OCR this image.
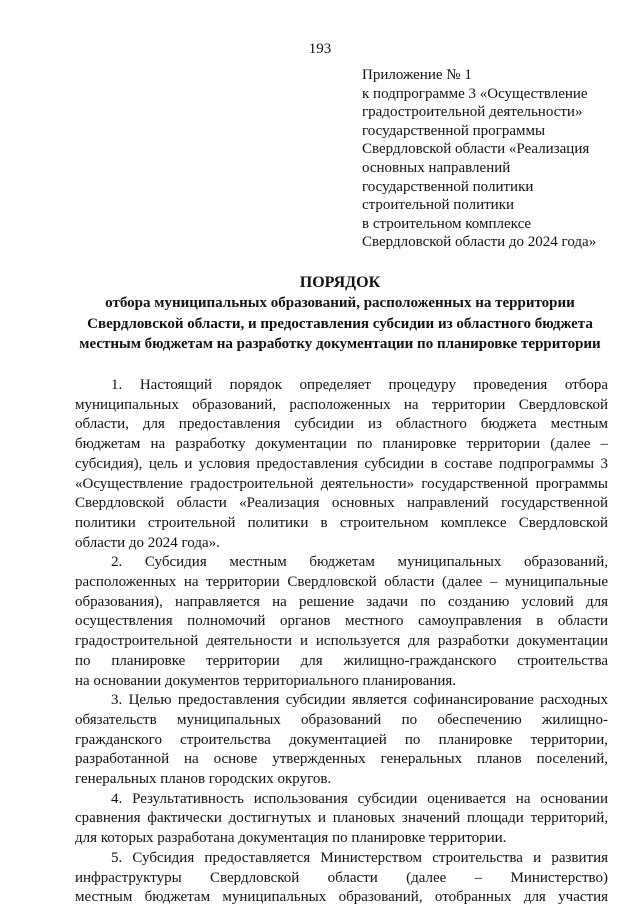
193
Приложение № 1
к подпрограмме 3 «Осуществление
градостроительной деятельности»
государственной программы
Свердловской области «Реализация
основных направлений
государственной политики
строительной политики
в строительном комплексе
Свердловской области до 2024 года»
ПОРЯДОК
отбора муниципальных образований, расположенных на территории
Свердловской области, и предоставления субсидии из областного бюджета
местным бюджетам на разработку документации по планировке территории
1. Настоящий порядок определяет процедуру проведения отбора
муниципальных образований, расположенных на территории Свердловской
области, для предоставления субсидии из областного бюджета местным
бюджетам на разработку документации по планировке территории (далее –
субсидия), цель и условия предоставления субсидии в составе подпрограммы 3
«Осуществление градостроительной деятельности» государственной программы
Свердловской области «Реализация основных направлений государственной
политики строительной политики в строительном комплексе Свердловской
области до 2024 года».
2. Субсидия местным бюджетам муниципальных образований,
расположенных на территории Свердловской области (далее – муниципальные
образования), направляется на решение задачи по созданию условий для
осуществления полномочий органов местного самоуправления в области
градостроительной деятельности и используется для разработки документации
по планировке территории для жилищно-гражданского строительства
на основании документов территориального планирования.
3. Целью предоставления субсидии является софинансирование расходных
обязательств муниципальных образований по обеспечению жилищно-
гражданского строительства документацией по планировке территории,
разработанной на основе утвержденных генеральных планов поселений,
генеральных планов городских округов.
4. Результативность использования субсидии оценивается на основании
сравнения фактически достигнутых и плановых значений площади территорий,
для которых разработана документация по планировке территории.
5. Субсидия предоставляется Министерством строительства и развития
инфраструктуры Свердловской области (далее – Министерство)
местным бюджетам муниципальных образований, отобранных для участия
